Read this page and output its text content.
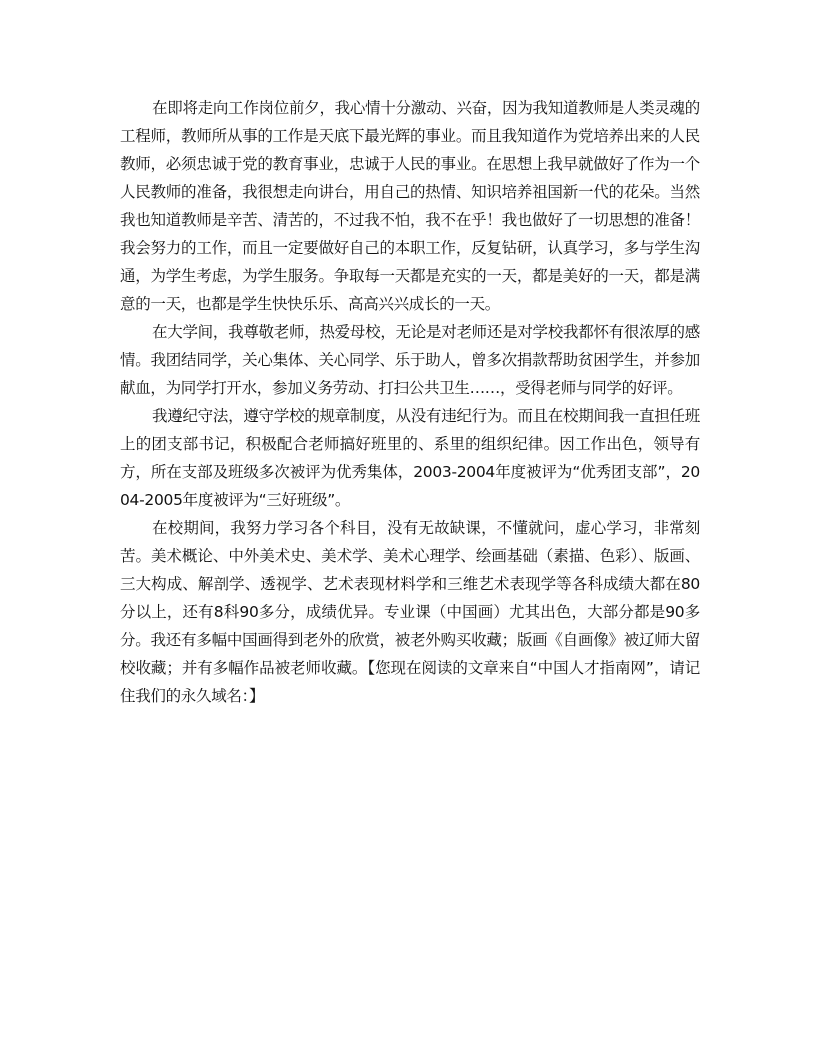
在即将走向工作岗位前夕，我心情十分激动、兴奋，因为我知道教师是人类灵魂的工程师，教师所从事的工作是天底下最光辉的事业。而且我知道作为党培养出来的人民教师，必须忠诚于党的教育事业，忠诚于人民的事业。在思想上我早就做好了作为一个人民教师的准备，我很想走向讲台，用自己的热情、知识培养祖国新一代的花朵。当然我也知道教师是辛苦、清苦的，不过我不怕，我不在乎！我也做好了一切思想的准备！我会努力的工作，而且一定要做好自己的本职工作，反复钻研，认真学习，多与学生沟通，为学生考虑，为学生服务。争取每一天都是充实的一天，都是美好的一天，都是满意的一天，也都是学生快快乐乐、高高兴兴成长的一天。

在大学间，我尊敬老师，热爱母校，无论是对老师还是对学校我都怀有很浓厚的感情。我团结同学，关心集体、关心同学、乐于助人，曾多次捐款帮助贫困学生，并参加献血，为同学打开水，参加义务劳动、打扫公共卫生……，受得老师与同学的好评。

我遵纪守法，遵守学校的规章制度，从没有违纪行为。而且在校期间我一直担任班上的团支部书记，积极配合老师搞好班里的、系里的组织纪律。因工作出色，领导有方，所在支部及班级多次被评为优秀集体，2003-2004年度被评为“优秀团支部”，2004-2005年度被评为“三好班级”。

在校期间，我努力学习各个科目，没有无故缺课，不懂就问，虚心学习，非常刻苦。美术概论、中外美术史、美术学、美术心理学、绘画基础（素描、色彩）、版画、三大构成、解剖学、透视学、艺术表现材料学和三维艺术表现学等各科成绩大都在80分以上，还有8科90多分，成绩优异。专业课（中国画）尤其出色，大部分都是90多分。我还有多幅中国画得到老外的欣赏，被老外购买收藏；版画《自画像》被辽师大留校收藏；并有多幅作品被老师收藏。【您现在阅读的文章来自“中国人才指南网”，请记住我们的永久域名：】
